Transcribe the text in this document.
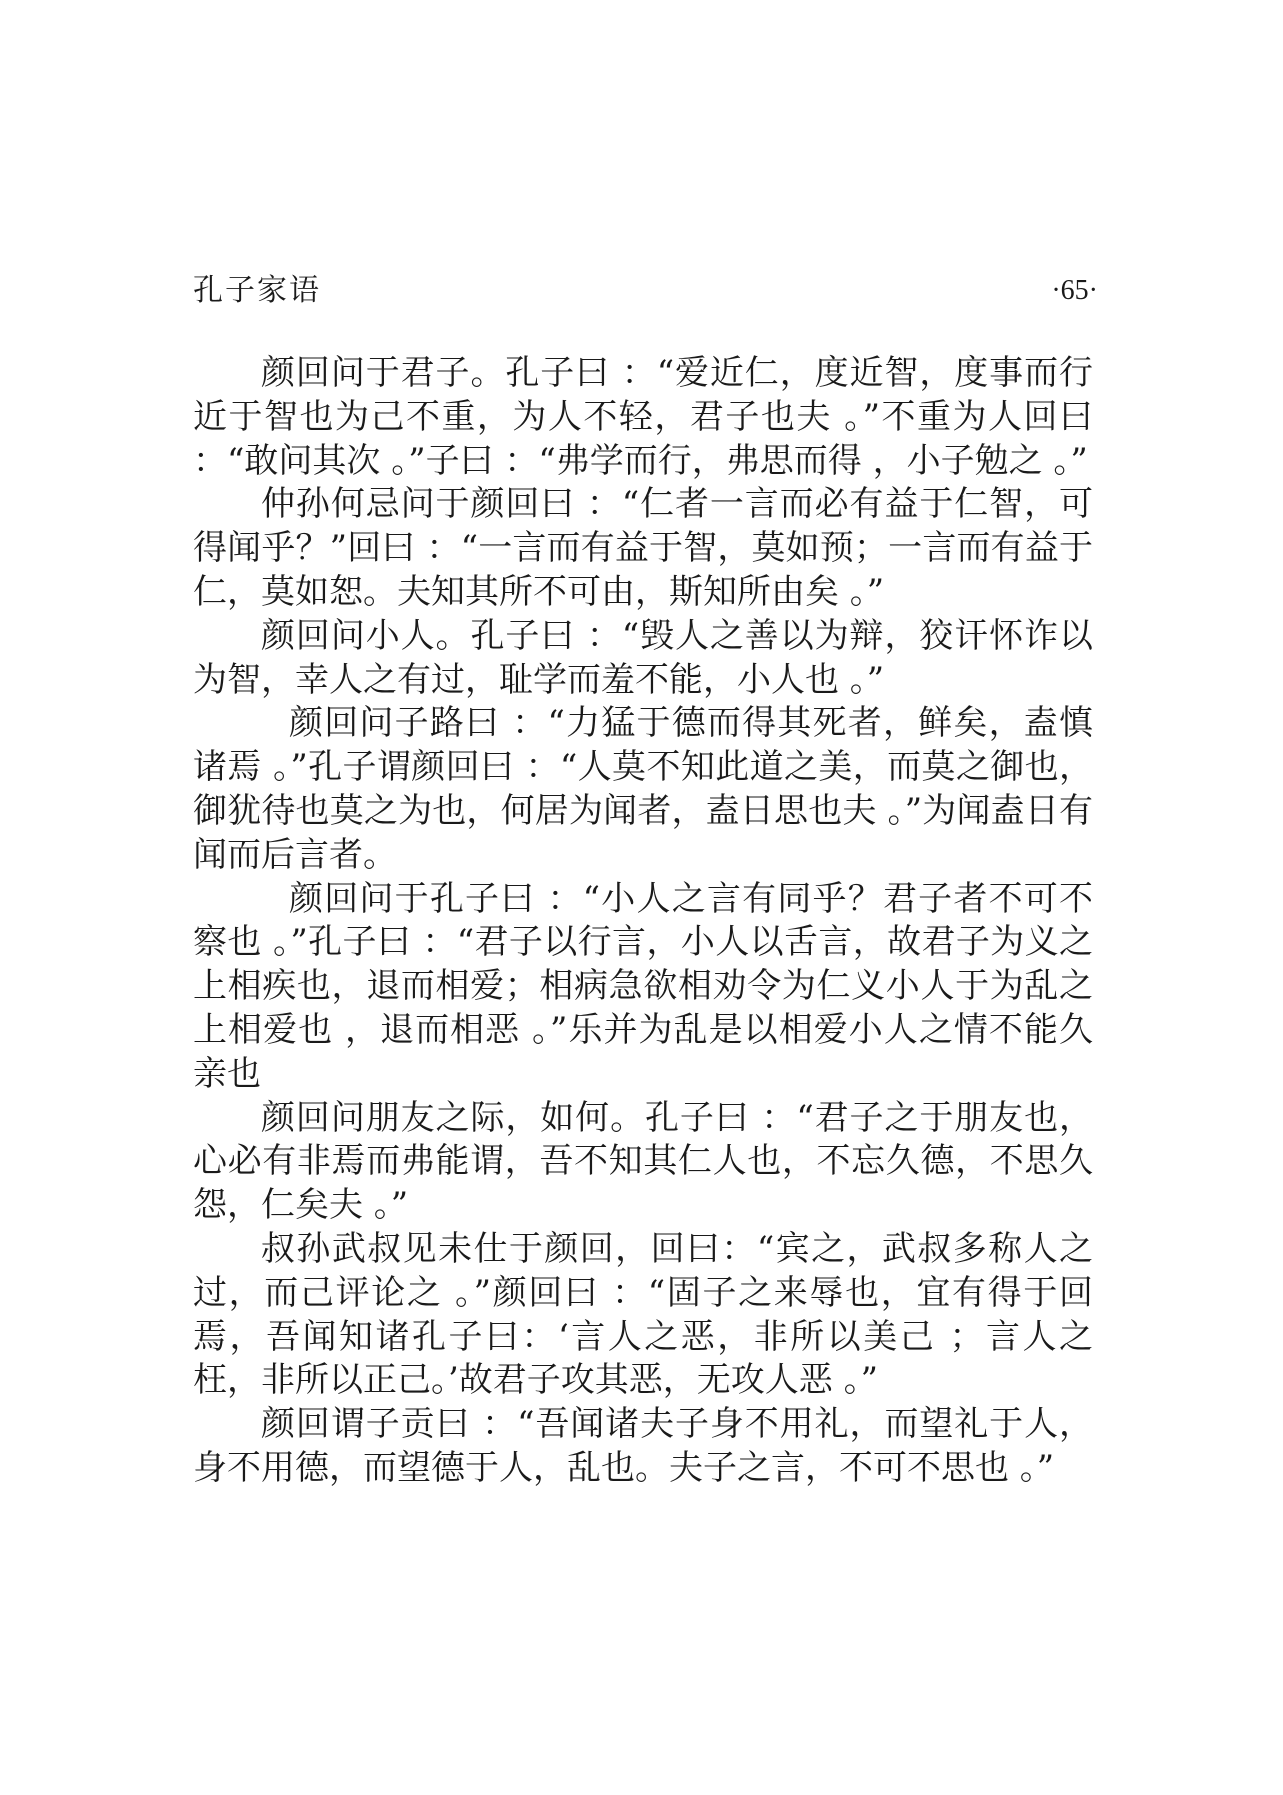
孔子家语	·65·

颜回问于君子。孔子曰 ：“爱近仁，度近智，度事而行近于智也为己不重，为人不轻，君子也夫 。”不重为人回曰 ：“敢问其次 。”子曰 ：“弗学而行，弗思而得 ，小子勉之 。”

仲孙何忌问于颜回曰 ：“仁者一言而必有益于仁智，可得闻乎？”回曰 ：“一言而有益于智，莫如预；一言而有益于仁，莫如恕。夫知其所不可由，斯知所由矣 。”

颜回问小人。孔子曰 ：“毁人之善以为辩，狡讦怀诈以为智，幸人之有过，耻学而羞不能，小人也 。”

颜回问子路曰 ：“力猛于德而得其死者，鲜矣，盍慎诸焉 。”孔子谓颜回曰 ：“人莫不知此道之美，而莫之御也，御犹待也莫之为也，何居为闻者，盍日思也夫 。”为闻盍日有闻而后言者。

颜回问于孔子曰 ：“小人之言有同乎？君子者不可不察也 。”孔子曰 ：“君子以行言，小人以舌言，故君子为义之上相疾也，退而相爱；相病急欲相劝令为仁义小人于为乱之上相爱也 ，退而相恶 。”乐并为乱是以相爱小人之情不能久亲也

颜回问朋友之际，如何。孔子曰 ：“君子之于朋友也，心必有非焉而弗能谓，吾不知其仁人也，不忘久德，不思久怨，仁矣夫 。”

叔孙武叔见未仕于颜回，回曰：“宾之，武叔多称人之过，而己评论之 。”颜回曰 ：“固子之来辱也，宜有得于回焉，吾闻知诸孔子曰：‘言人之恶，非所以美己 ；言人之枉，非所以正己。’故君子攻其恶，无攻人恶 。”

颜回谓子贡曰 ：“吾闻诸夫子身不用礼，而望礼于人，身不用德，而望德于人，乱也。夫子之言，不可不思也 。”
